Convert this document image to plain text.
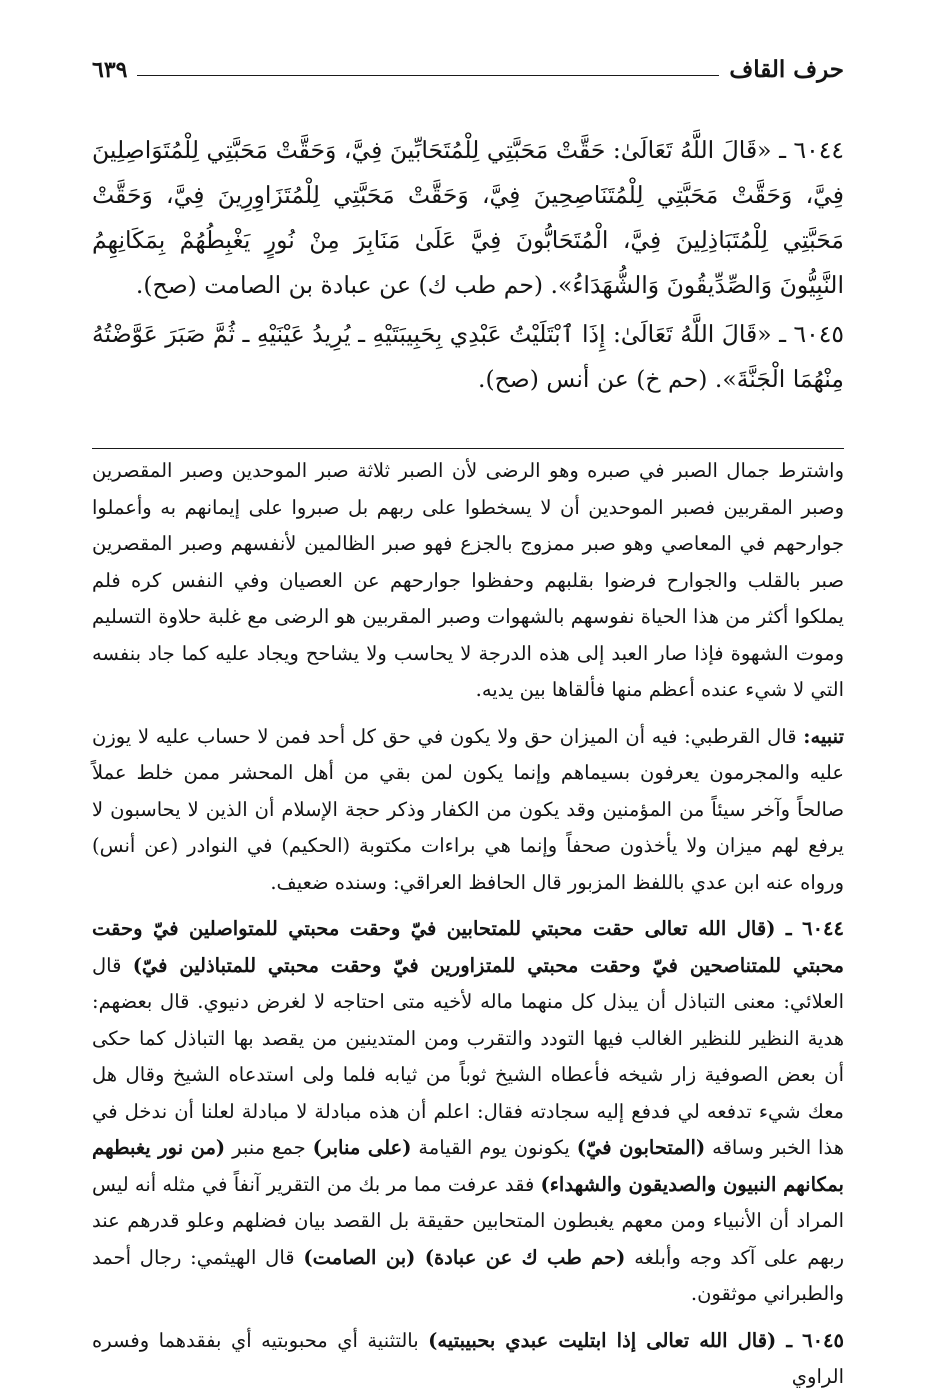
حرف القاف
٦٣٩

٦٠٤٤ ـ «قَالَ اللَّهُ تَعَالَىٰ: حَقَّتْ مَحَبَّتِي لِلْمُتَحَابِّينَ فِيَّ، وَحَقَّتْ مَحَبَّتِي لِلْمُتَوَاصِلِينَ فِيَّ، وَحَقَّتْ مَحَبَّتِي لِلْمُتَنَاصِحِينَ فِيَّ، وَحَقَّتْ مَحَبَّتِي لِلْمُتَزَاوِرِينَ فِيَّ، وَحَقَّتْ مَحَبَّتِي لِلْمُتَبَاذِلِينَ فِيَّ، الْمُتَحَابُّونَ فِيَّ عَلَىٰ مَنَابِرَ مِنْ نُورٍ يَغْبِطُهُمْ بِمَكَانِهِمُ النَّبِيُّونَ وَالصِّدِّيقُونَ وَالشُّهَدَاءُ». (حم طب ك) عن عبادة بن الصامت (صح).

٦٠٤٥ ـ «قَالَ اللَّهُ تَعَالَىٰ: إِذَا ٱبْتَلَيْتُ عَبْدِي بِحَبِيبَتَيْهِ ـ يُرِيدُ عَيْنَيْهِ ـ ثُمَّ صَبَرَ عَوَّضْتُهُ مِنْهُمَا الْجَنَّةَ». (حم خ) عن أنس (صح).

واشترط جمال الصبر في صبره وهو الرضى لأن الصبر ثلاثة صبر الموحدين وصبر المقصرين وصبر المقربين فصبر الموحدين أن لا يسخطوا على ربهم بل صبروا على إيمانهم به وأعملوا جوارحهم في المعاصي وهو صبر ممزوج بالجزع فهو صبر الظالمين لأنفسهم وصبر المقصرين صبر بالقلب والجوارح فرضوا بقلبهم وحفظوا جوارحهم عن العصيان وفي النفس كره فلم يملكوا أكثر من هذا الحياة نفوسهم بالشهوات وصبر المقربين هو الرضى مع غلبة حلاوة التسليم وموت الشهوة فإذا صار العبد إلى هذه الدرجة لا يحاسب ولا يشاحح ويجاد عليه كما جاد بنفسه التي لا شيء عنده أعظم منها فألقاها بين يديه.

تنبيه: قال القرطبي: فيه أن الميزان حق ولا يكون في حق كل أحد فمن لا حساب عليه لا يوزن عليه والمجرمون يعرفون بسيماهم وإنما يكون لمن بقي من أهل المحشر ممن خلط عملاً صالحاً وآخر سيئاً من المؤمنين وقد يكون من الكفار وذكر حجة الإسلام أن الذين لا يحاسبون لا يرفع لهم ميزان ولا يأخذون صحفاً وإنما هي براءات مكتوبة (الحكيم) في النوادر (عن أنس) ورواه عنه ابن عدي باللفظ المزبور قال الحافظ العراقي: وسنده ضعيف.

٦٠٤٤ ـ (قال الله تعالى حقت محبتي للمتحابين فيّ وحقت محبتي للمتواصلين فيّ وحقت محبتي للمتناصحين فيّ وحقت محبتي للمتزاورين فيّ وحقت محبتي للمتباذلين فيّ) قال العلائي: معنى التباذل أن يبذل كل منهما ماله لأخيه متى احتاجه لا لغرض دنيوي. قال بعضهم: هدية النظير للنظير الغالب فيها التودد والتقرب ومن المتدينين من يقصد بها التباذل كما حكى أن بعض الصوفية زار شيخه فأعطاه الشيخ ثوباً من ثيابه فلما ولى استدعاه الشيخ وقال هل معك شيء تدفعه لي فدفع إليه سجادته فقال: اعلم أن هذه مبادلة لا مبادلة لعلنا أن ندخل في هذا الخبر وساقه (المتحابون فيّ) يكونون يوم القيامة (على منابر) جمع منبر (من نور يغبطهم بمكانهم النبيون والصديقون والشهداء) فقد عرفت مما مر بك من التقرير آنفاً في مثله أنه ليس المراد أن الأنبياء ومن معهم يغبطون المتحابين حقيقة بل القصد بيان فضلهم وعلو قدرهم عند ربهم على آكد وجه وأبلغه (حم طب ك عن عبادة) (بن الصامت) قال الهيثمي: رجال أحمد والطبراني موثقون.

٦٠٤٥ ـ (قال الله تعالى إذا ابتليت عبدي بحبيبتيه) بالتثنية أي محبوبتيه أي بفقدهما وفسره الراوي
